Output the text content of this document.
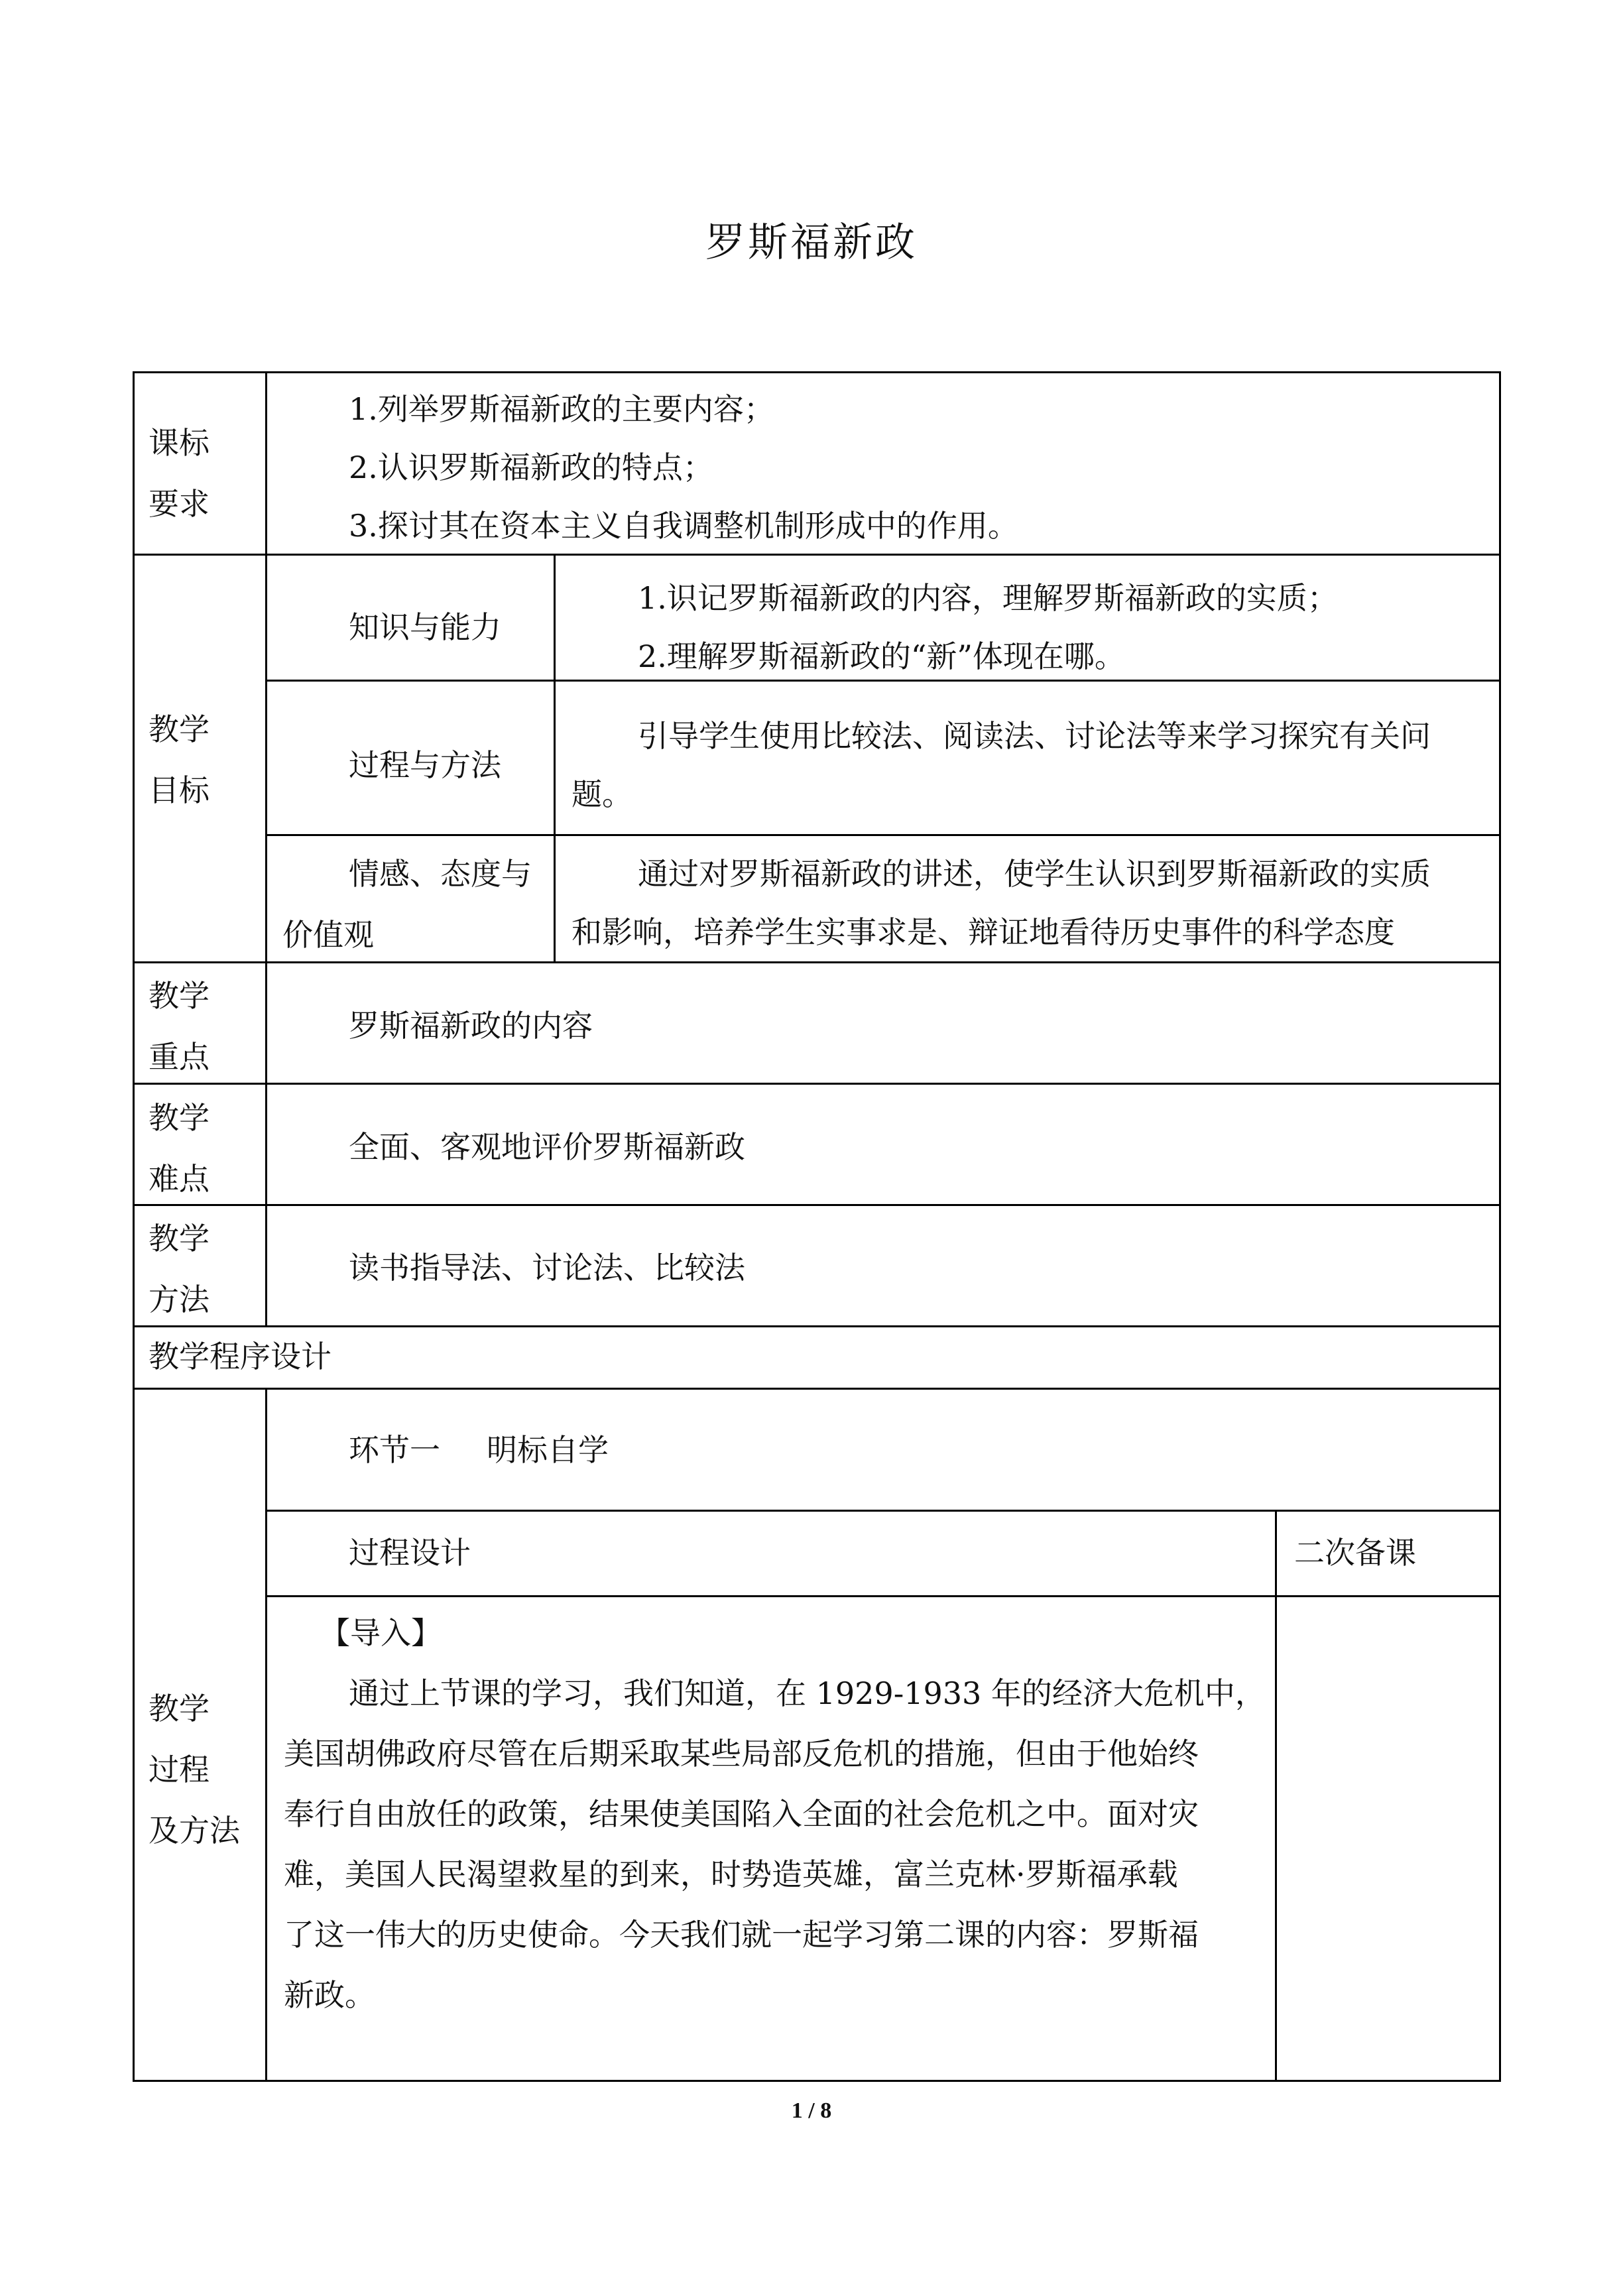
罗斯福新政
课标
要求
1.列举罗斯福新政的主要内容；
2.认识罗斯福新政的特点；
3.探讨其在资本主义自我调整机制形成中的作用。
教学
目标
知识与能力
1.识记罗斯福新政的内容，理解罗斯福新政的实质；
2.理解罗斯福新政的“新”体现在哪。
过程与方法
引导学生使用比较法、阅读法、讨论法等来学习探究有关问
题。
情感、态度与
价值观
通过对罗斯福新政的讲述，使学生认识到罗斯福新政的实质
和影响，培养学生实事求是、辩证地看待历史事件的科学态度
教学
重点
罗斯福新政的内容
教学
难点
全面、客观地评价罗斯福新政
教学
方法
读书指导法、讨论法、比较法
教学程序设计
教学
过程
及方法
环节一 明标自学
过程设计	二次备课
【导入】
通过上节课的学习，我们知道，在 1929-1933 年的经济大危机中，
美国胡佛政府尽管在后期采取某些局部反危机的措施，但由于他始终
奉行自由放任的政策，结果使美国陷入全面的社会危机之中。面对灾
难，美国人民渴望救星的到来，时势造英雄，富兰克林·罗斯福承载
了这一伟大的历史使命。今天我们就一起学习第二课的内容：罗斯福
新政。
1 / 8
